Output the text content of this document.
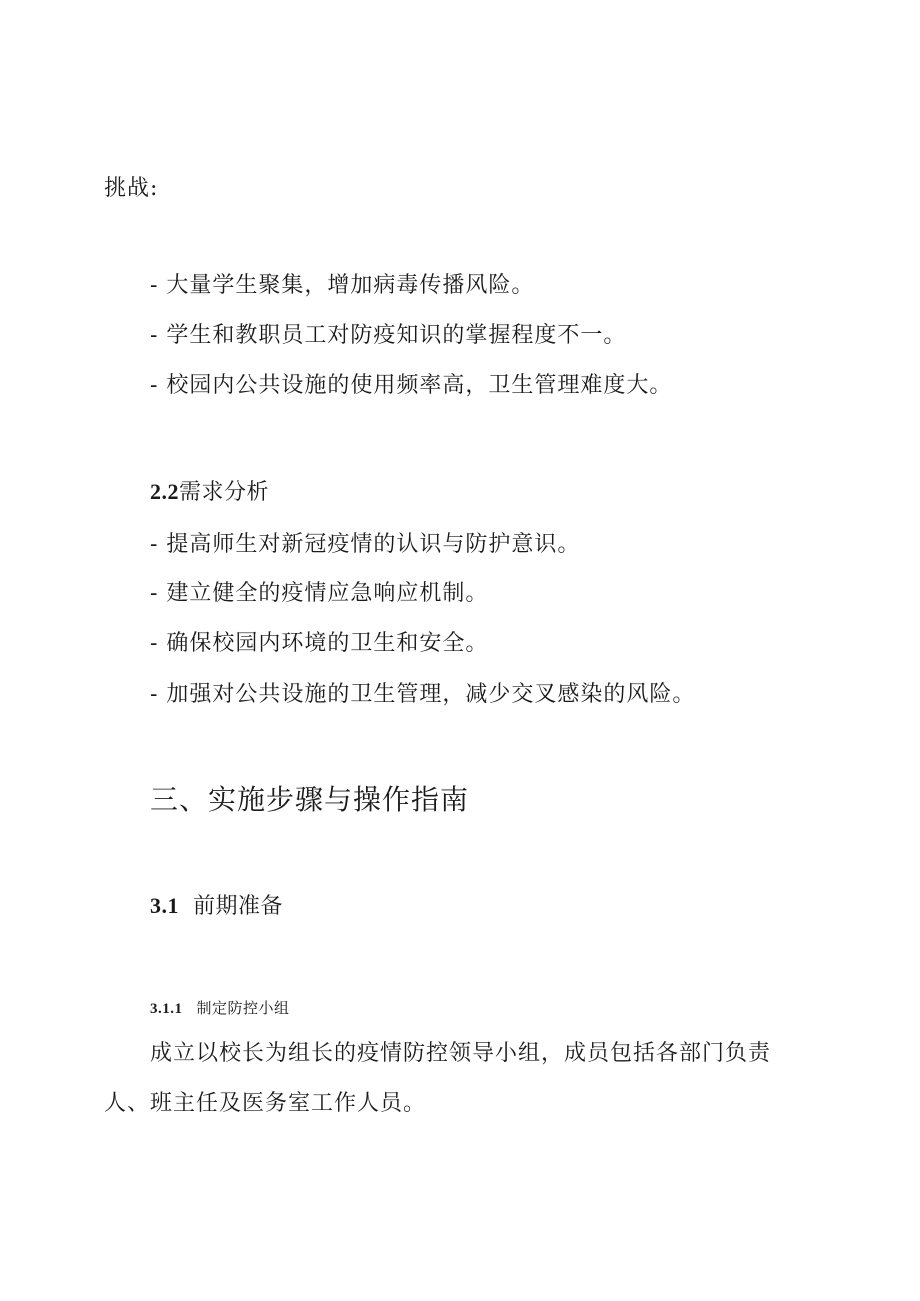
挑战:
- 大量学生聚集，增加病毒传播风险。
- 学生和教职员工对防疫知识的掌握程度不一。
- 校园内公共设施的使用频率高，卫生管理难度大。
2.2需求分析
- 提高师生对新冠疫情的认识与防护意识。
- 建立健全的疫情应急响应机制。
- 确保校园内环境的卫生和安全。
- 加强对公共设施的卫生管理，减少交叉感染的风险。
三、实施步骤与操作指南
3.1 前期准备
3.1.1 制定防控小组
成立以校长为组长的疫情防控领导小组，成员包括各部门负责
人、班主任及医务室工作人员。
